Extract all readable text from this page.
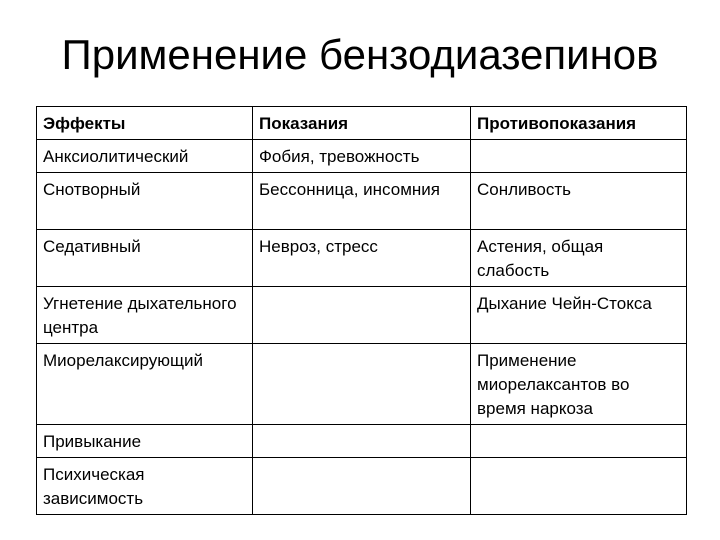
Применение бензодиазепинов
Эффекты	Показания	Противопоказания
Анксиолитический	Фобия, тревожность	
Снотворный	Бессонница, инсомния	Сонливость
Седативный	Невроз, стресс	Астения, общая слабость
Угнетение дыхательного центра		Дыхание Чейн-Стокса
Миорелаксирующий		Применение миорелаксантов во время наркоза
Привыкание		
Психическая зависимость		
